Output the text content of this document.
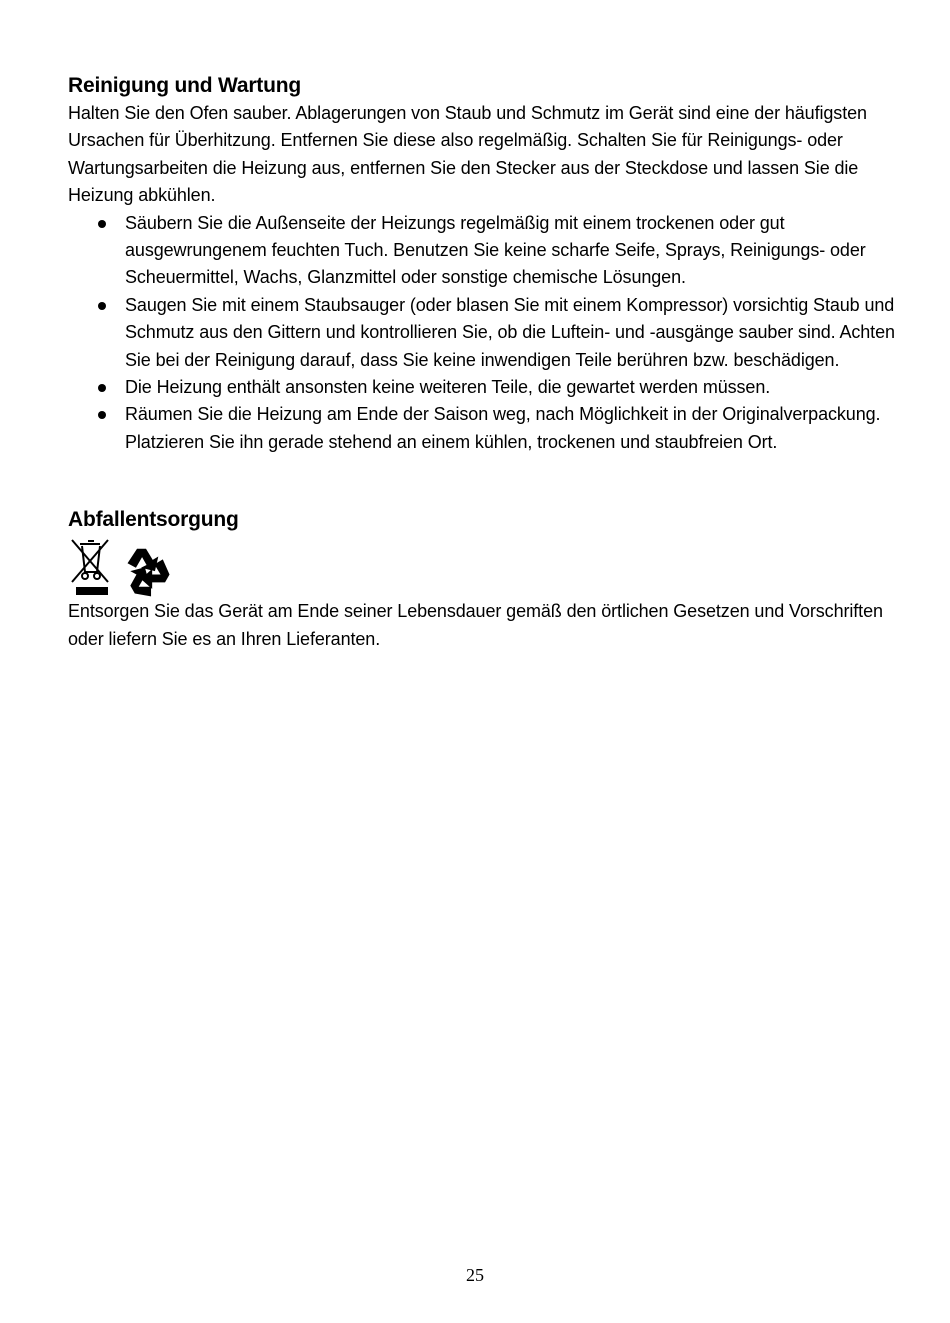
Reinigung und Wartung

Halten Sie den Ofen sauber. Ablagerungen von Staub und Schmutz im Gerät sind eine der häufigsten Ursachen für Überhitzung. Entfernen Sie diese also regelmäßig. Schalten Sie für Reinigungs- oder Wartungsarbeiten die Heizung aus, entfernen Sie den Stecker aus der Steckdose und lassen Sie die Heizung abkühlen.

Säubern Sie die Außenseite der Heizungs regelmäßig mit einem trockenen oder gut ausgewrungenem feuchten Tuch. Benutzen Sie keine scharfe Seife, Sprays, Reinigungs- oder Scheuermittel, Wachs, Glanzmittel oder sonstige chemische Lösungen.
Saugen Sie mit einem Staubsauger (oder blasen Sie mit einem Kompressor) vorsichtig Staub und Schmutz aus den Gittern und kontrollieren Sie, ob die Luftein- und -ausgänge sauber sind. Achten Sie bei der Reinigung darauf, dass Sie keine inwendigen Teile berühren bzw. beschädigen.
Die Heizung enthält ansonsten keine weiteren Teile, die gewartet werden müssen.
Räumen Sie die Heizung am Ende der Saison weg, nach Möglichkeit in der Originalverpackung. Platzieren Sie ihn gerade stehend an einem kühlen, trockenen und staubfreien Ort.
Abfallentsorgung

Entsorgen Sie das Gerät am Ende seiner Lebensdauer gemäß den örtlichen Gesetzen und Vorschriften oder liefern Sie es an Ihren Lieferanten.

25
